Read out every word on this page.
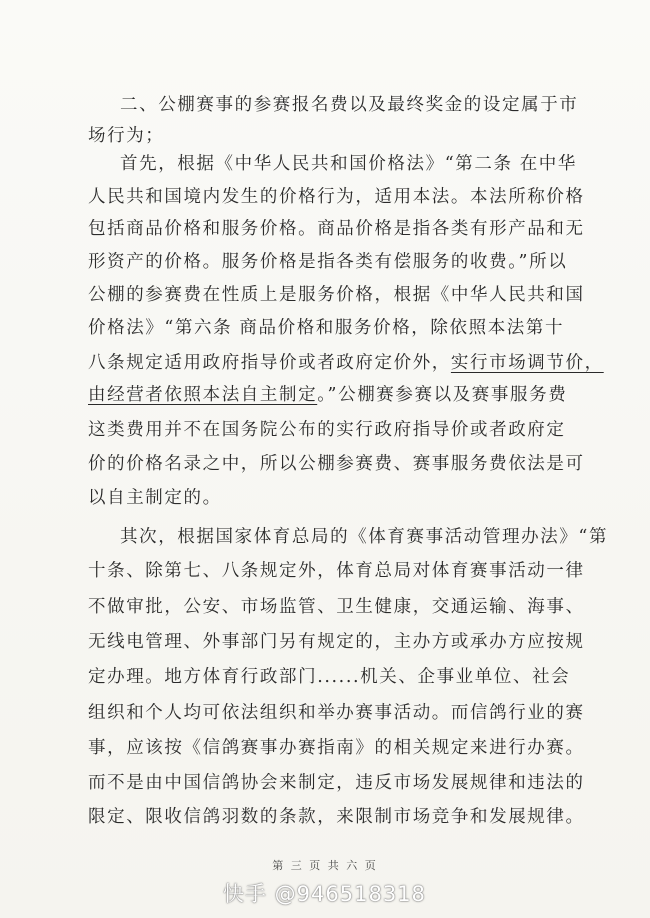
二、公棚赛事的参赛报名费以及最终奖金的设定属于市
场行为；
首先，根据《中华人民共和国价格法》“第二条 在中华
人民共和国境内发生的价格行为，适用本法。本法所称价格
包括商品价格和服务价格。商品价格是指各类有形产品和无
形资产的价格。服务价格是指各类有偿服务的收费。”所以
公棚的参赛费在性质上是服务价格，根据《中华人民共和国
价格法》“第六条 商品价格和服务价格，除依照本法第十
八条规定适用政府指导价或者政府定价外，实行市场调节价，
由经营者依照本法自主制定。”公棚赛参赛以及赛事服务费
这类费用并不在国务院公布的实行政府指导价或者政府定
价的价格名录之中，所以公棚参赛费、赛事服务费依法是可
以自主制定的。
其次，根据国家体育总局的《体育赛事活动管理办法》“第
十条、除第七、八条规定外，体育总局对体育赛事活动一律
不做审批，公安、市场监管、卫生健康，交通运输、海事、
无线电管理、外事部门另有规定的，主办方或承办方应按规
定办理。地方体育行政部门......机关、企事业单位、社会
组织和个人均可依法组织和举办赛事活动。而信鸽行业的赛
事，应该按《信鸽赛事办赛指南》的相关规定来进行办赛。
而不是由中国信鸽协会来制定，违反市场发展规律和违法的
限定、限收信鸽羽数的条款，来限制市场竞争和发展规律。
第 三 页 共 六 页
快手 @946518318
